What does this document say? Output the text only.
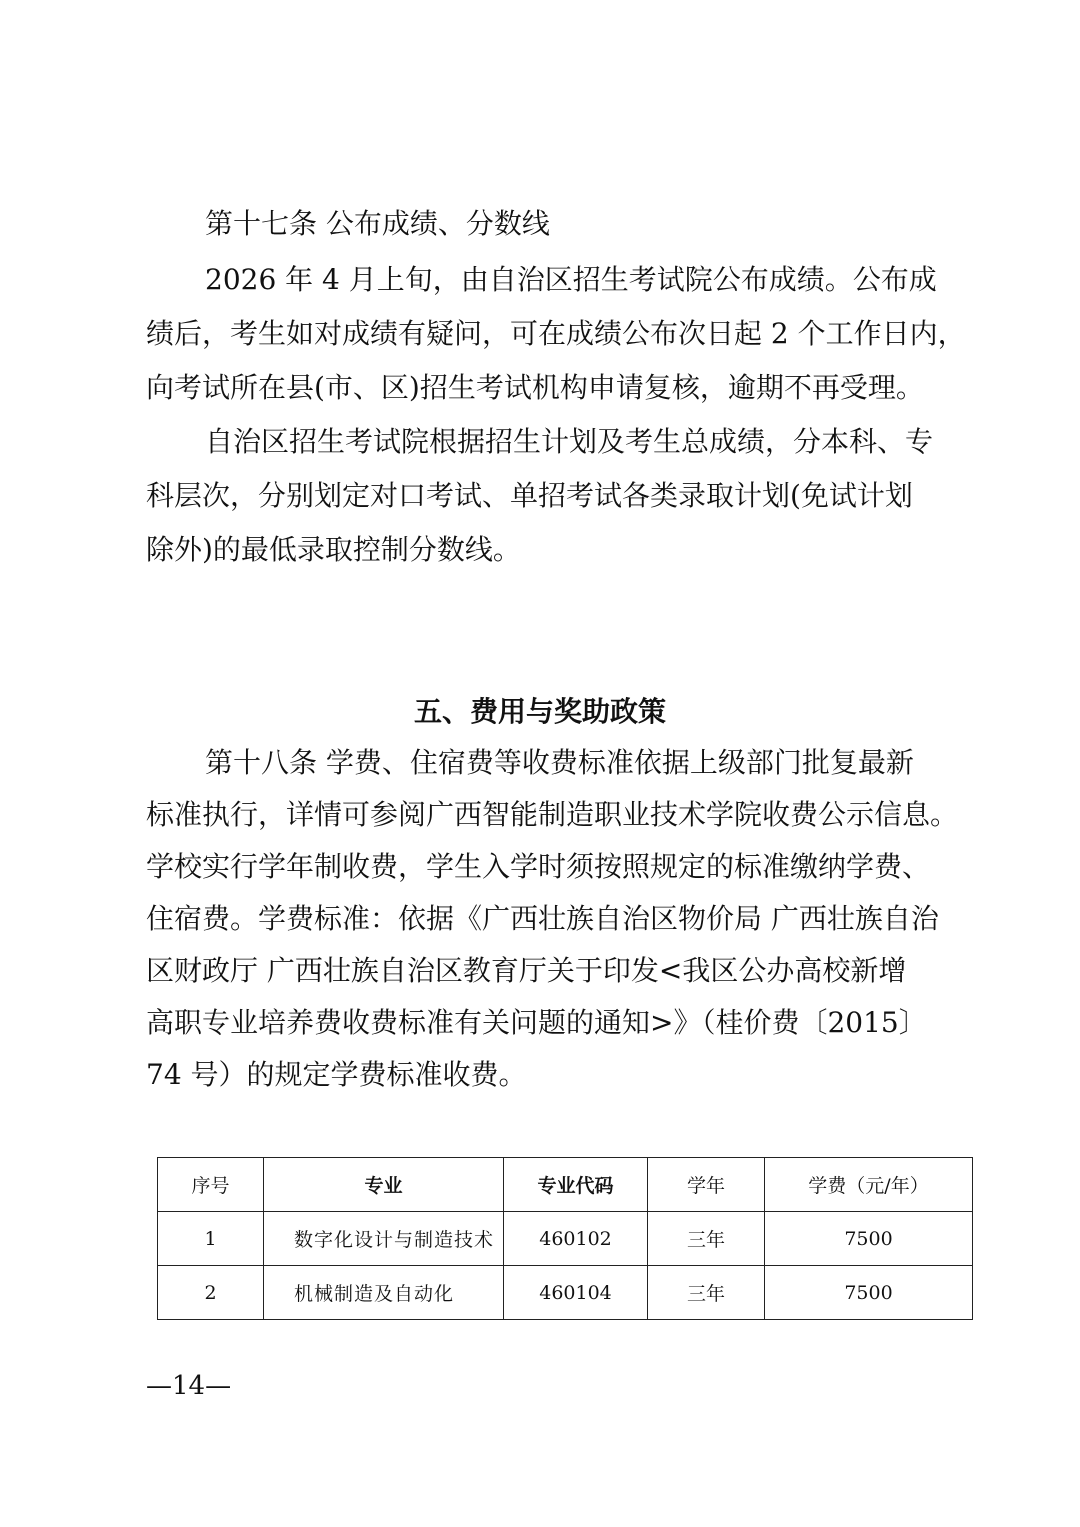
第十七条 公布成绩、分数线
2026 年 4 月上旬，由自治区招生考试院公布成绩。公布成
绩后，考生如对成绩有疑问，可在成绩公布次日起 2 个工作日内，
向考试所在县(市、区)招生考试机构申请复核，逾期不再受理。
自治区招生考试院根据招生计划及考生总成绩，分本科、专
科层次，分别划定对口考试、单招考试各类录取计划(免试计划
除外)的最低录取控制分数线。
五、费用与奖助政策
第十八条 学费、住宿费等收费标准依据上级部门批复最新
标准执行，详情可参阅广西智能制造职业技术学院收费公示信息。
学校实行学年制收费，学生入学时须按照规定的标准缴纳学费、
住宿费。学费标准：依据《广西壮族自治区物价局 广西壮族自治
区财政厅 广西壮族自治区教育厅关于印发<我区公办高校新增
高职专业培养费收费标准有关问题的通知>》（桂价费〔2015〕
74 号）的规定学费标准收费。
序号	专业	专业代码	学年	学费（元/年）
1	数字化设计与制造技术	460102	三年	7500
2	机械制造及自动化	460104	三年	7500
—14—
